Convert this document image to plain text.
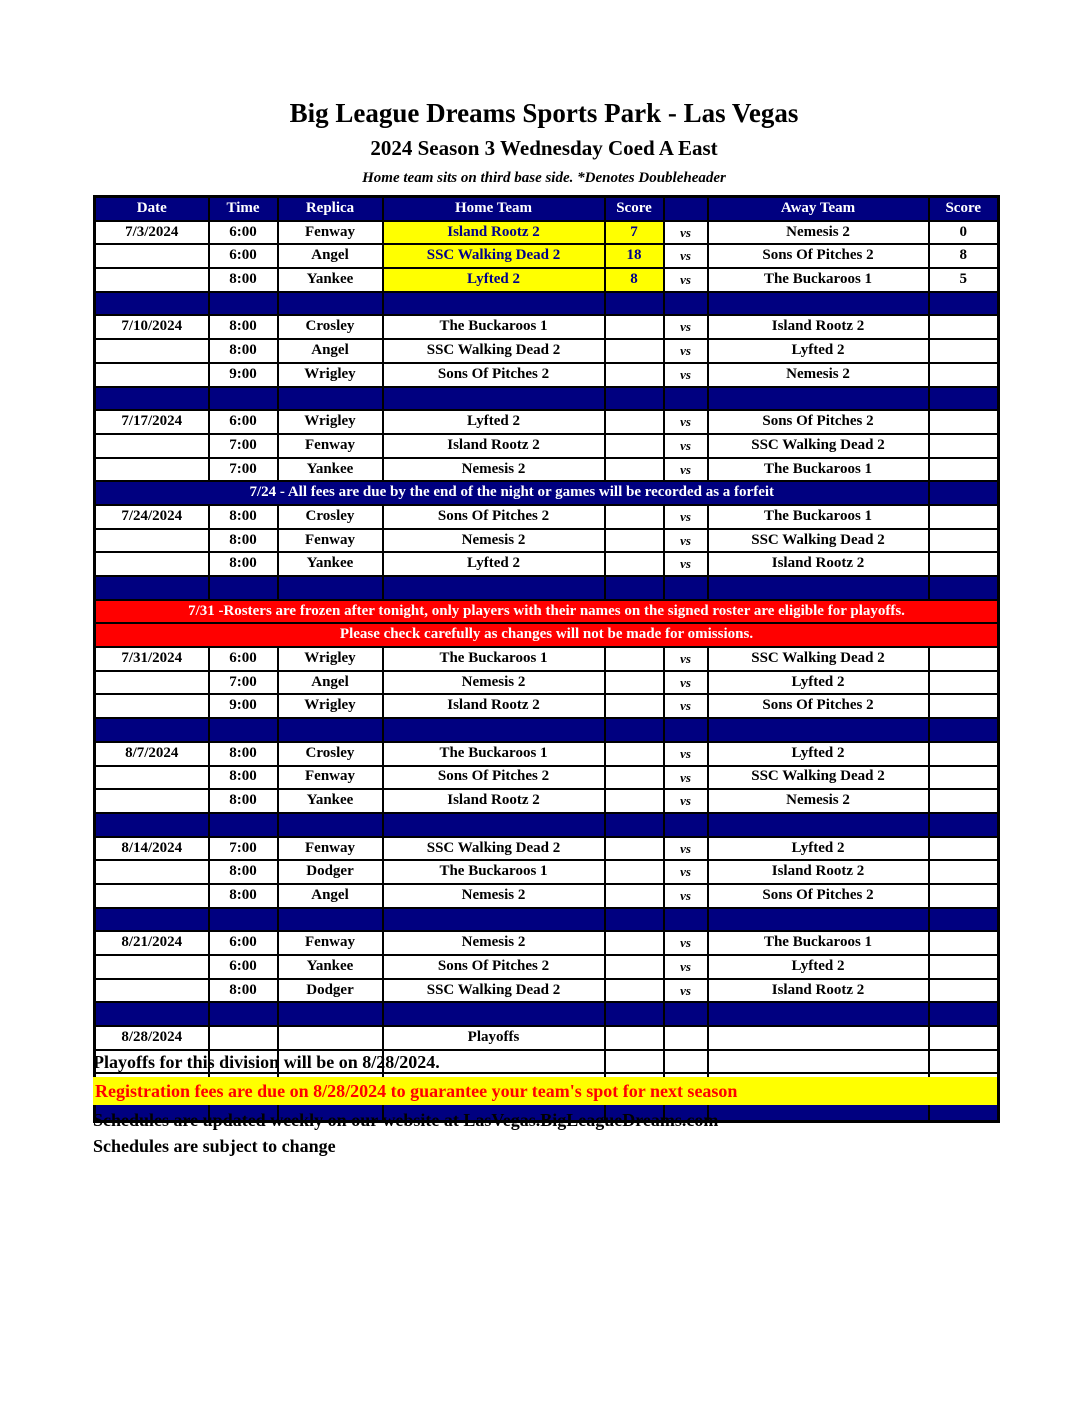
Big League Dreams Sports Park - Las Vegas
2024 Season 3 Wednesday Coed A East
Home team sits on third base side. *Denotes Doubleheader
Date	Time	Replica	Home Team	Score		Away Team	Score
7/3/2024	6:00	Fenway	Island Rootz 2	7	vs	Nemesis 2	0
	6:00	Angel	SSC Walking Dead 2	18	vs	Sons Of Pitches 2	8
	8:00	Yankee	Lyfted 2	8	vs	The Buckaroos 1	5

7/10/2024	8:00	Crosley	The Buckaroos 1		vs	Island Rootz 2	
	8:00	Angel	SSC Walking Dead 2		vs	Lyfted 2	
	9:00	Wrigley	Sons Of Pitches 2		vs	Nemesis 2	

7/17/2024	6:00	Wrigley	Lyfted 2		vs	Sons Of Pitches 2	
	7:00	Fenway	Island Rootz 2		vs	SSC Walking Dead 2	
	7:00	Yankee	Nemesis 2		vs	The Buckaroos 1	
7/24 - All fees are due by the end of the night or games will be recorded as a forfeit							
7/24/2024	8:00	Crosley	Sons Of Pitches 2		vs	The Buckaroos 1	
	8:00	Fenway	Nemesis 2		vs	SSC Walking Dead 2	
	8:00	Yankee	Lyfted 2		vs	Island Rootz 2	

7/31 -Rosters are frozen after tonight, only players with their names on the signed roster are eligible for playoffs.							
Please check carefully as changes will not be made for omissions.							
7/31/2024	6:00	Wrigley	The Buckaroos 1		vs	SSC Walking Dead 2	
	7:00	Angel	Nemesis 2		vs	Lyfted 2	
	9:00	Wrigley	Island Rootz 2		vs	Sons Of Pitches 2	

8/7/2024	8:00	Crosley	The Buckaroos 1		vs	Lyfted 2	
	8:00	Fenway	Sons Of Pitches 2		vs	SSC Walking Dead 2	
	8:00	Yankee	Island Rootz 2		vs	Nemesis 2	

8/14/2024	7:00	Fenway	SSC Walking Dead 2		vs	Lyfted 2	
	8:00	Dodger	The Buckaroos 1		vs	Island Rootz 2	
	8:00	Angel	Nemesis 2		vs	Sons Of Pitches 2	

8/21/2024	6:00	Fenway	Nemesis 2		vs	The Buckaroos 1	
	6:00	Yankee	Sons Of Pitches 2		vs	Lyfted 2	
	8:00	Dodger	SSC Walking Dead 2		vs	Island Rootz 2	

8/28/2024			Playoffs				

Playoffs for this division will be on 8/28/2024.
Registration fees are due on 8/28/2024 to guarantee your team's spot for next season
Schedules are updated weekly on our website at LasVegas.BigLeagueDreams.com
Schedules are subject to change
